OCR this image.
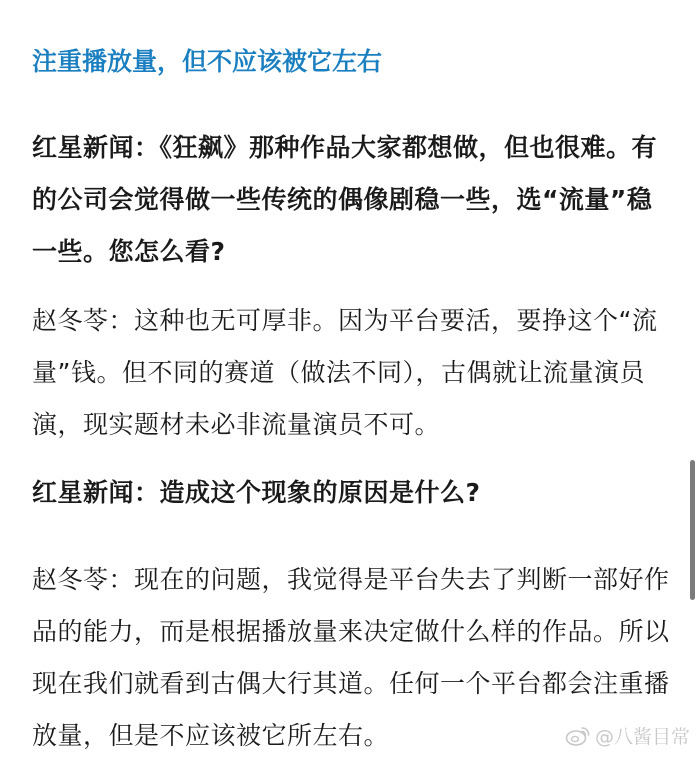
注重播放量，但不应该被它左右
红星新闻：《狂飙》那种作品大家都想做，但也很难。有的公司会觉得做一些传统的偶像剧稳一些，选“流量”稳一些。您怎么看?
赵冬苓：这种也无可厚非。因为平台要活，要挣这个“流量”钱。但不同的赛道（做法不同），古偶就让流量演员演，现实题材未必非流量演员不可。
红星新闻：造成这个现象的原因是什么?
赵冬苓：现在的问题，我觉得是平台失去了判断一部好作品的能力，而是根据播放量来决定做什么样的作品。所以现在我们就看到古偶大行其道。任何一个平台都会注重播放量，但是不应该被它所左右。	@八酱目常
